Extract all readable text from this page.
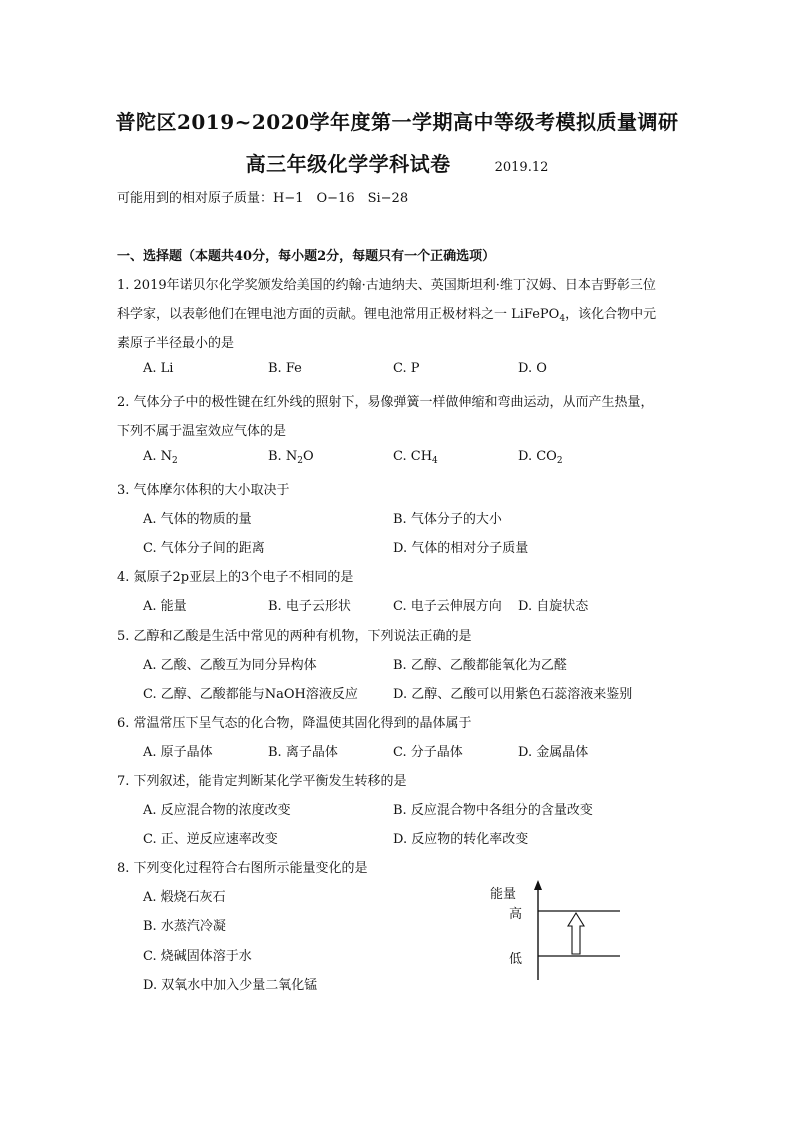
普陀区2019~2020学年度第一学期高中等级考模拟质量调研
高三年级化学学科试卷	2019.12
可能用到的相对原子质量：H−1　O−16　Si−28
一、选择题（本题共40分，每小题2分，每题只有一个正确选项）
1. 2019年诺贝尔化学奖颁发给美国的约翰·古迪纳夫、英国斯坦利·维丁汉姆、日本吉野彰三位
科学家，以表彰他们在锂电池方面的贡献。锂电池常用正极材料之一 LiFePO$_4$，该化合物中元
素原子半径最小的是
A. Li	B. Fe	C. P	D. O
2. 气体分子中的极性键在红外线的照射下，易像弹簧一样做伸缩和弯曲运动，从而产生热量，
下列不属于温室效应气体的是
A. $N_2$	B. $N_2O$	C. $CH_4$	D. $CO_2$
3. 气体摩尔体积的大小取决于
A. 气体的物质的量	B. 气体分子的大小
C. 气体分子间的距离	D. 气体的相对分子质量
4. 氮原子2p亚层上的3个电子不相同的是
A. 能量	B. 电子云形状	C. 电子云伸展方向 D. 自旋状态
5. 乙醇和乙酸是生活中常见的两种有机物，下列说法正确的是
A. 乙酸、乙酸互为同分异构体	B. 乙醇、乙酸都能氧化为乙醛
C. 乙醇、乙酸都能与NaOH溶液反应	D. 乙醇、乙酸可以用紫色石蕊溶液来鉴别
6. 常温常压下呈气态的化合物，降温使其固化得到的晶体属于
A. 原子晶体	B. 离子晶体	C. 分子晶体	D. 金属晶体
7. 下列叙述，能肯定判断某化学平衡发生转移的是
A. 反应混合物的浓度改变	B. 反应混合物中各组分的含量改变
C. 正、逆反应速率改变	D. 反应物的转化率改变
8. 下列变化过程符合右图所示能量变化的是
A. 煅烧石灰石
B. 水蒸汽冷凝
C. 烧碱固体溶于水
D. 双氧水中加入少量二氧化锰
能量
高
低
